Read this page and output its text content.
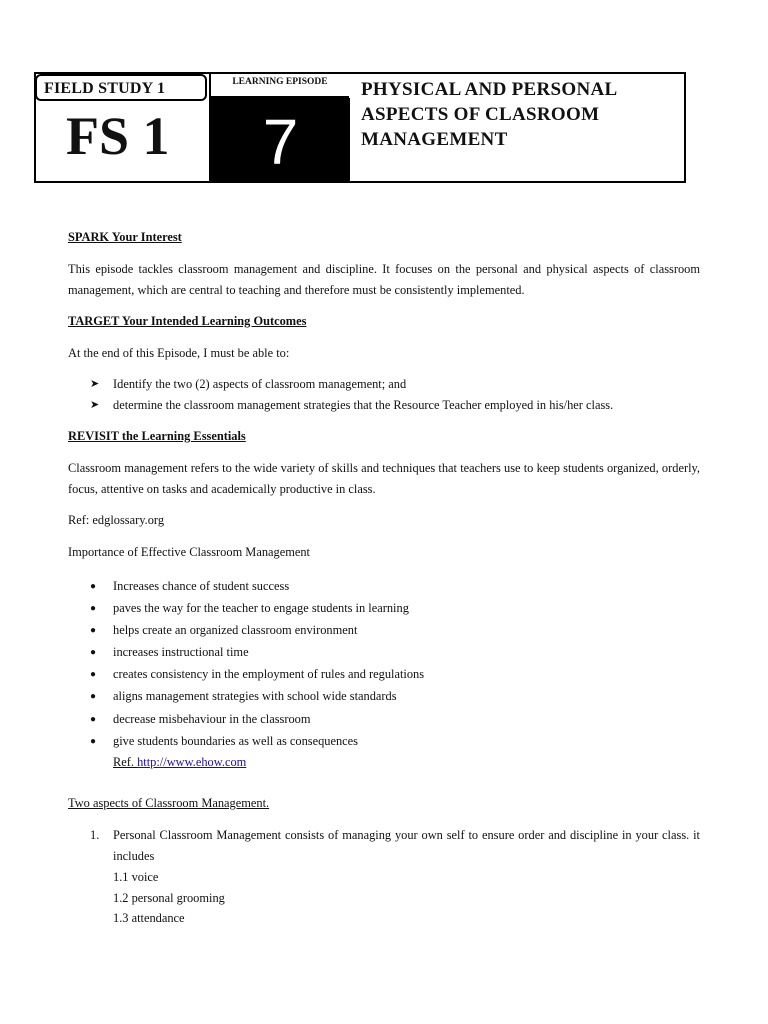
FIELD STUDY 1
FS 1
LEARNING EPISODE
7
PHYSICAL AND PERSONAL
ASPECTS OF CLASROOM
MANAGEMENT
SPARK Your Interest
This episode tackles classroom management and discipline. It focuses on the personal and physical aspects of classroom management, which are central to teaching and therefore must be consistently implemented.
TARGET Your Intended Learning Outcomes
At the end of this Episode, I must be able to:
➤ Identify the two (2) aspects of classroom management; and
➤ determine the classroom management strategies that the Resource Teacher employed in his/her class.
REVISIT the Learning Essentials
Classroom management refers to the wide variety of skills and techniques that teachers use to keep students organized, orderly, focus, attentive on tasks and academically productive in class.
Ref: edglossary.org
Importance of Effective Classroom Management
● Increases chance of student success
● paves the way for the teacher to engage students in learning
● helps create an organized classroom environment
● increases instructional time
● creates consistency in the employment of rules and regulations
● aligns management strategies with school wide standards
● decrease misbehaviour in the classroom
● give students boundaries as well as consequences
Ref. http://www.ehow.com
Two aspects of Classroom Management.
1. Personal Classroom Management consists of managing your own self to ensure order and discipline in your class. it includes
1.1 voice
1.2 personal grooming
1.3 attendance
